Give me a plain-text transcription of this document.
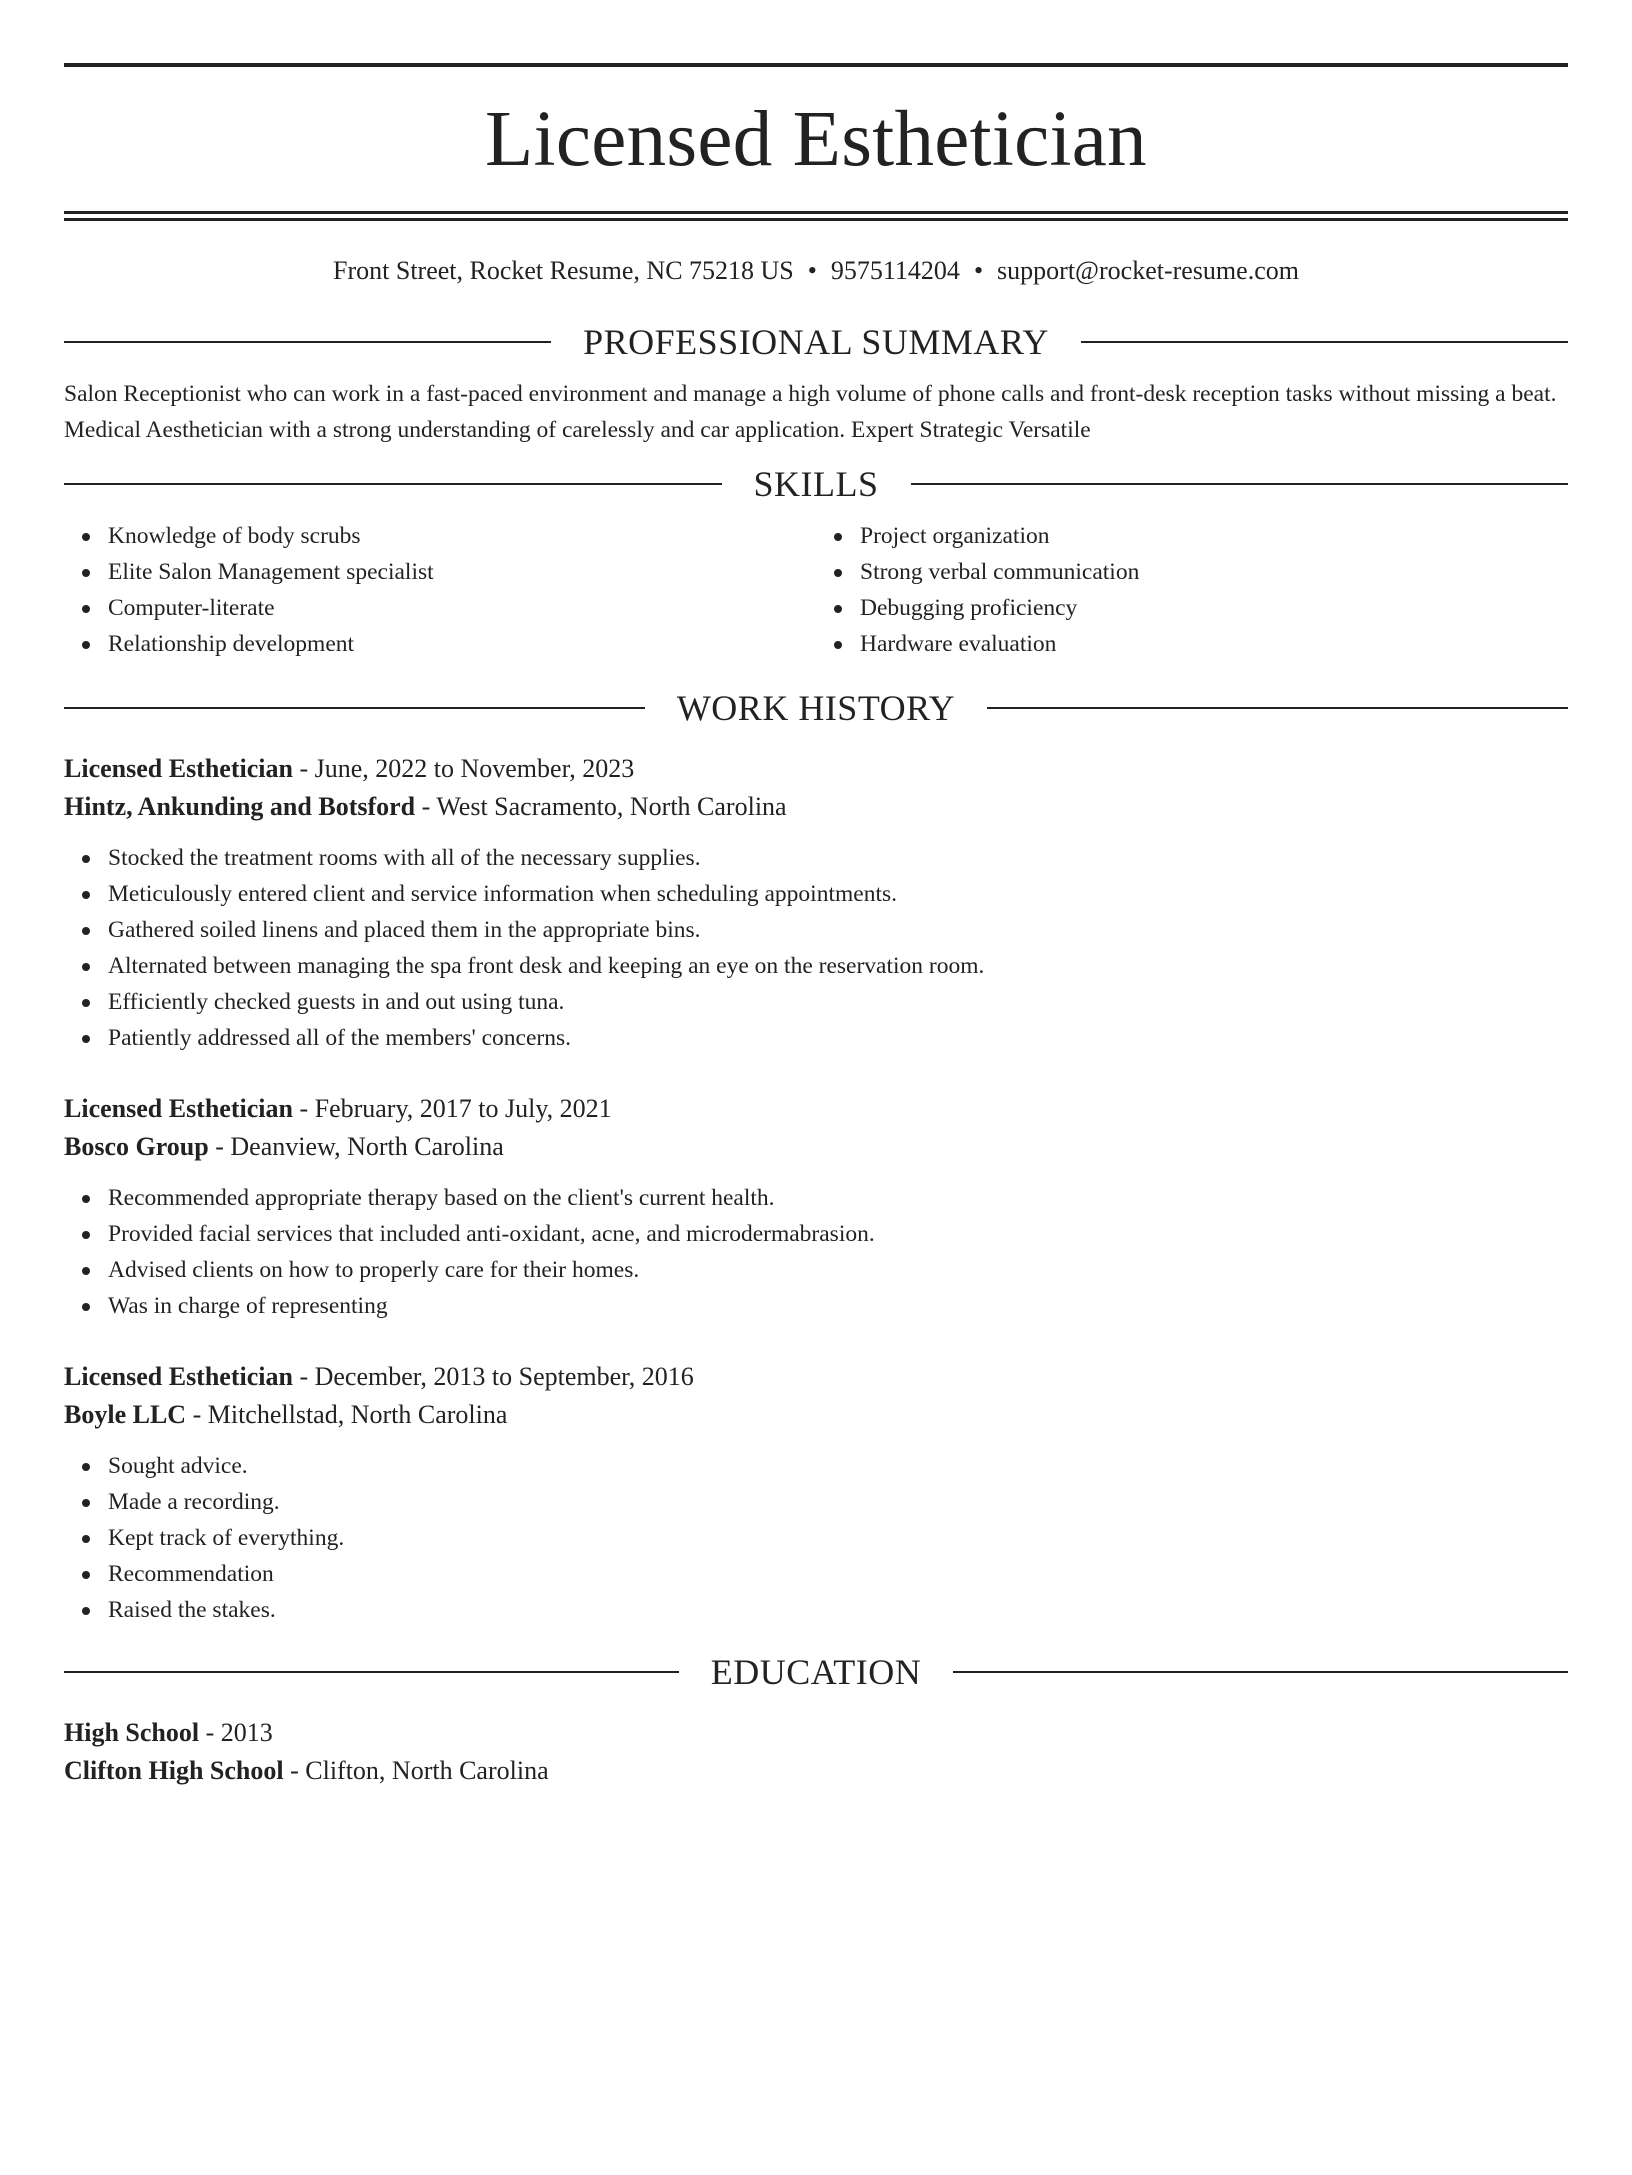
Licensed Esthetician
Front Street, Rocket Resume, NC 75218 US • 9575114204 • support@rocket-resume.com
PROFESSIONAL SUMMARY
Salon Receptionist who can work in a fast-paced environment and manage a high volume of phone calls and front-desk reception tasks without missing a beat. Medical Aesthetician with a strong understanding of carelessly and car application. Expert Strategic Versatile
SKILLS
Knowledge of body scrubs
Elite Salon Management specialist
Computer-literate
Relationship development
Project organization
Strong verbal communication
Debugging proficiency
Hardware evaluation
WORK HISTORY
Licensed Esthetician - June, 2022 to November, 2023
Hintz, Ankunding and Botsford - West Sacramento, North Carolina
Stocked the treatment rooms with all of the necessary supplies.
Meticulously entered client and service information when scheduling appointments.
Gathered soiled linens and placed them in the appropriate bins.
Alternated between managing the spa front desk and keeping an eye on the reservation room.
Efficiently checked guests in and out using tuna.
Patiently addressed all of the members' concerns.
Licensed Esthetician - February, 2017 to July, 2021
Bosco Group - Deanview, North Carolina
Recommended appropriate therapy based on the client's current health.
Provided facial services that included anti-oxidant, acne, and microdermabrasion.
Advised clients on how to properly care for their homes.
Was in charge of representing
Licensed Esthetician - December, 2013 to September, 2016
Boyle LLC - Mitchellstad, North Carolina
Sought advice.
Made a recording.
Kept track of everything.
Recommendation
Raised the stakes.
EDUCATION
High School - 2013
Clifton High School - Clifton, North Carolina
